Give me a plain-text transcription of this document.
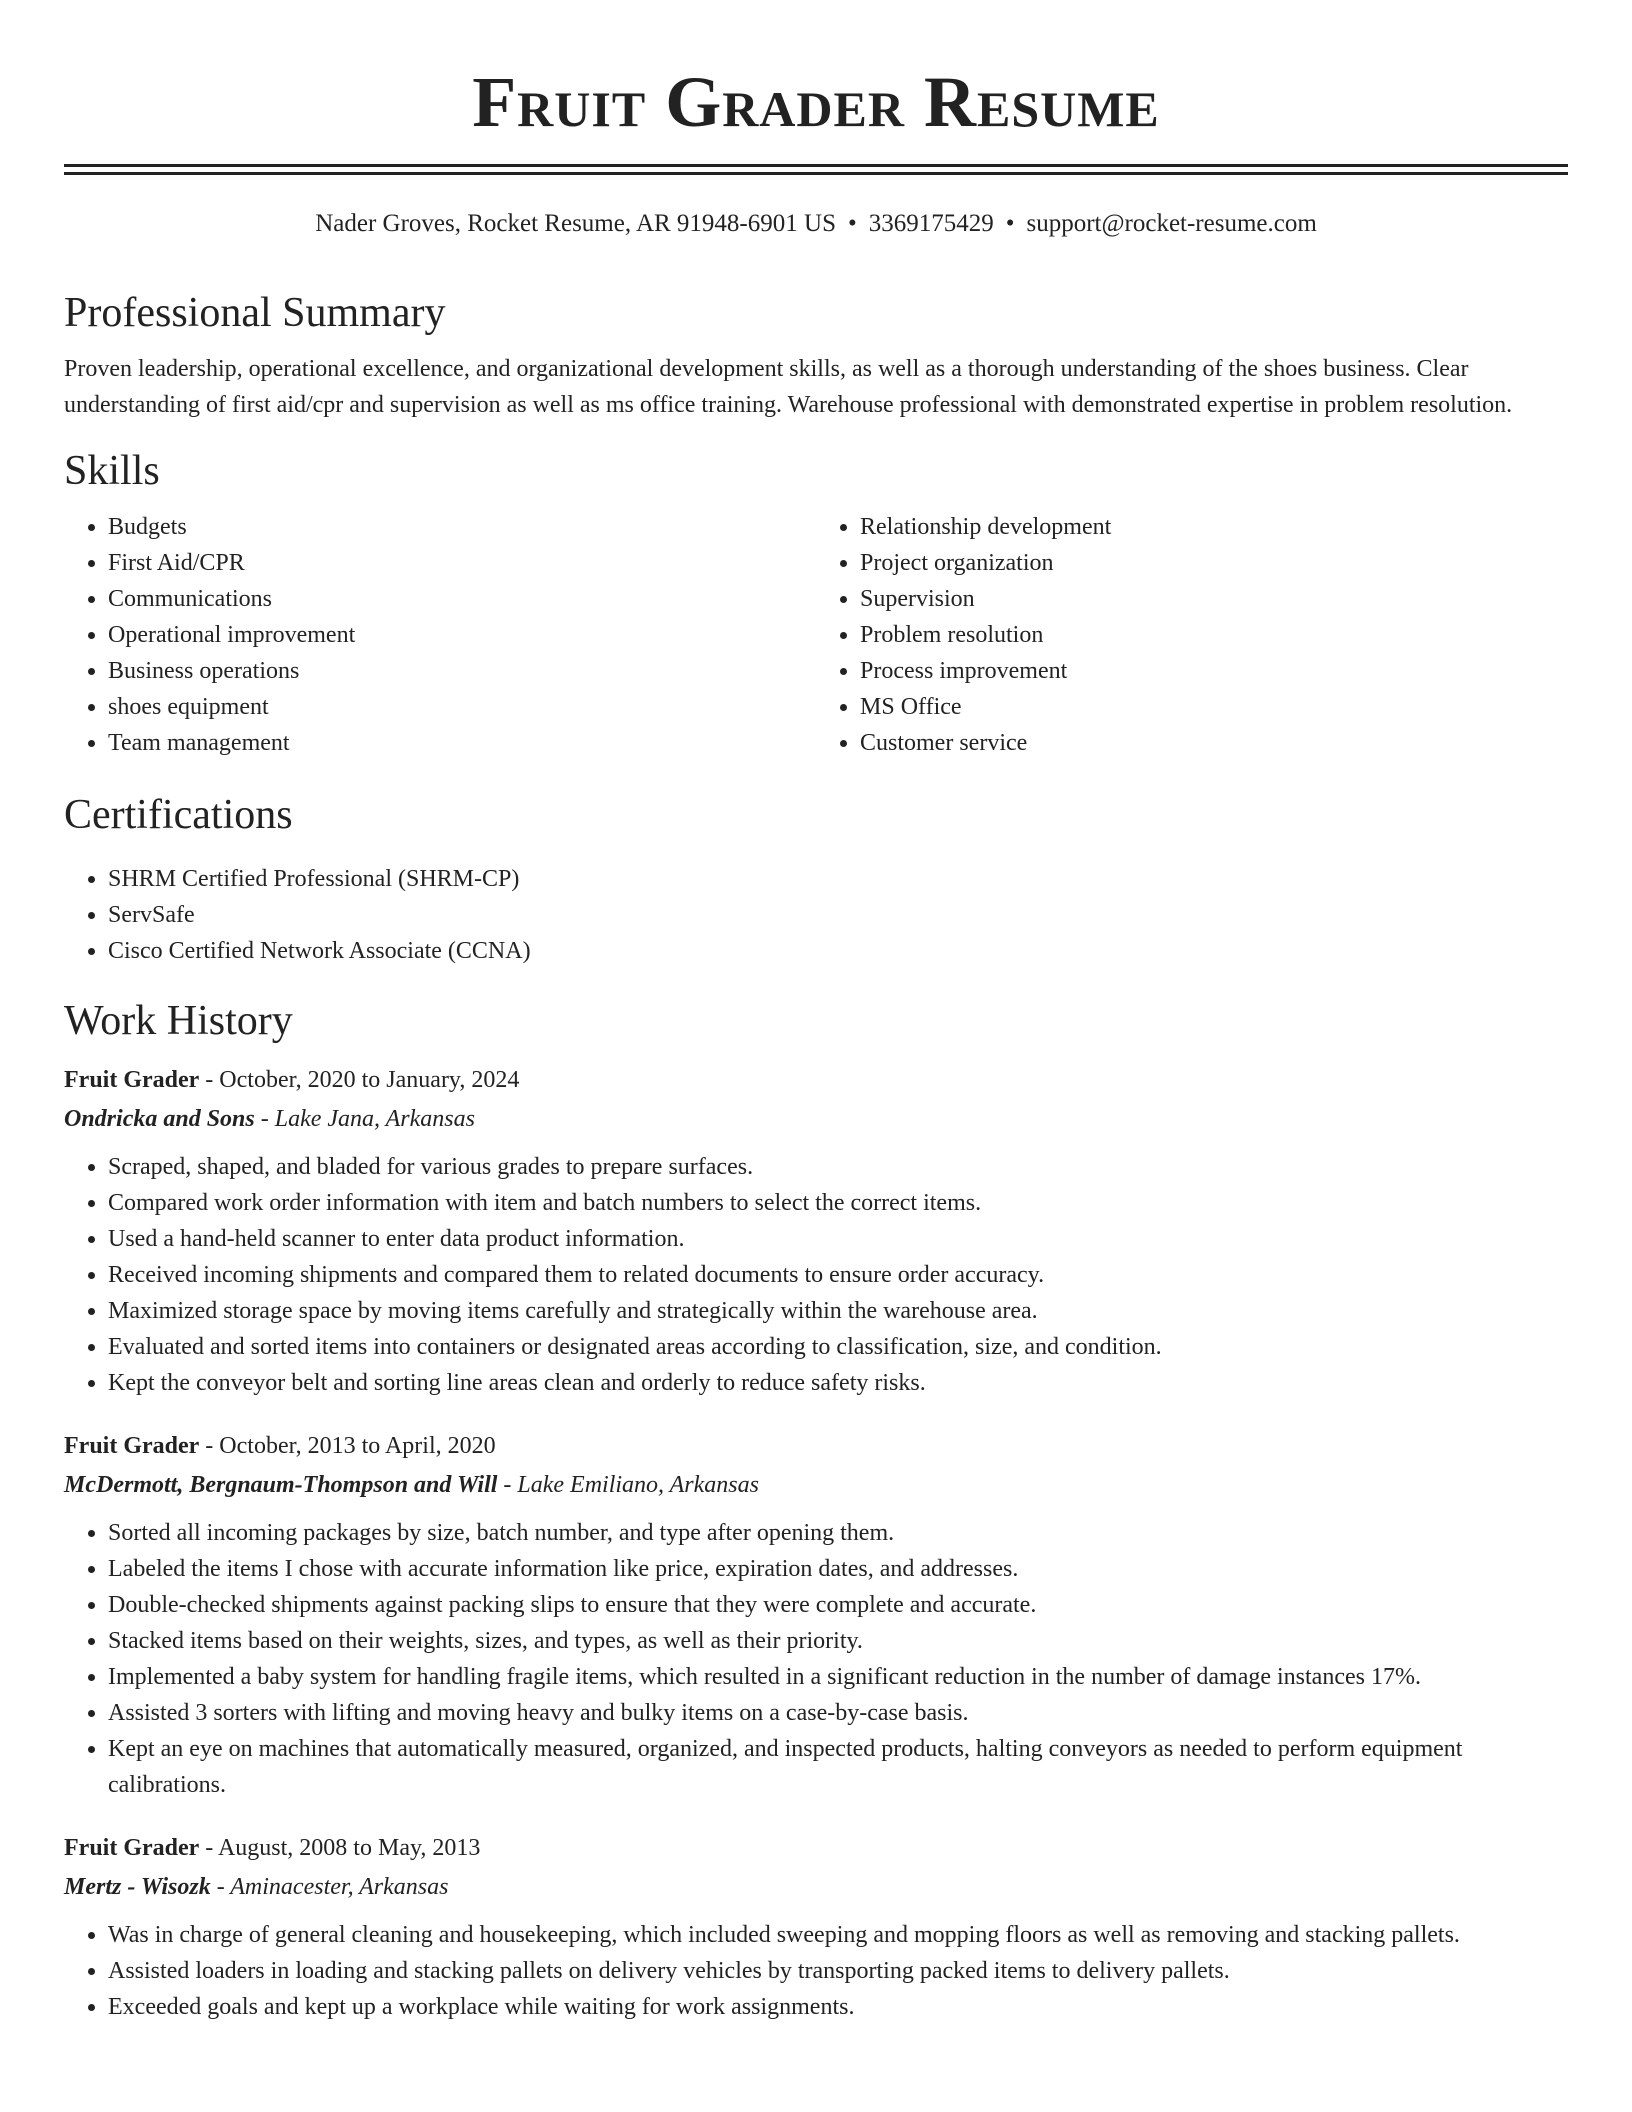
Fruit Grader Resume
Nader Groves, Rocket Resume, AR 91948-6901 US • 3369175429 • support@rocket-resume.com
Professional Summary

Proven leadership, operational excellence, and organizational development skills, as well as a thorough understanding of the shoes business. Clear understanding of first aid/cpr and supervision as well as ms office training. Warehouse professional with demonstrated expertise in problem resolution.

Skills
• Budgets
• First Aid/CPR
• Communications
• Operational improvement
• Business operations
• shoes equipment
• Team management
• Relationship development
• Project organization
• Supervision
• Problem resolution
• Process improvement
• MS Office
• Customer service
Certifications
• SHRM Certified Professional (SHRM-CP)
• ServSafe
• Cisco Certified Network Associate (CCNA)
Work History
Fruit Grader - October, 2020 to January, 2024
Ondricka and Sons - Lake Jana, Arkansas
• Scraped, shaped, and bladed for various grades to prepare surfaces.
• Compared work order information with item and batch numbers to select the correct items.
• Used a hand-held scanner to enter data product information.
• Received incoming shipments and compared them to related documents to ensure order accuracy.
• Maximized storage space by moving items carefully and strategically within the warehouse area.
• Evaluated and sorted items into containers or designated areas according to classification, size, and condition.
• Kept the conveyor belt and sorting line areas clean and orderly to reduce safety risks.
Fruit Grader - October, 2013 to April, 2020
McDermott, Bergnaum-Thompson and Will - Lake Emiliano, Arkansas
• Sorted all incoming packages by size, batch number, and type after opening them.
• Labeled the items I chose with accurate information like price, expiration dates, and addresses.
• Double-checked shipments against packing slips to ensure that they were complete and accurate.
• Stacked items based on their weights, sizes, and types, as well as their priority.
• Implemented a baby system for handling fragile items, which resulted in a significant reduction in the number of damage instances 17%.
• Assisted 3 sorters with lifting and moving heavy and bulky items on a case-by-case basis.
• Kept an eye on machines that automatically measured, organized, and inspected products, halting conveyors as needed to perform equipment calibrations.
Fruit Grader - August, 2008 to May, 2013
Mertz - Wisozk - Aminacester, Arkansas
• Was in charge of general cleaning and housekeeping, which included sweeping and mopping floors as well as removing and stacking pallets.
• Assisted loaders in loading and stacking pallets on delivery vehicles by transporting packed items to delivery pallets.
• Exceeded goals and kept up a workplace while waiting for work assignments.
